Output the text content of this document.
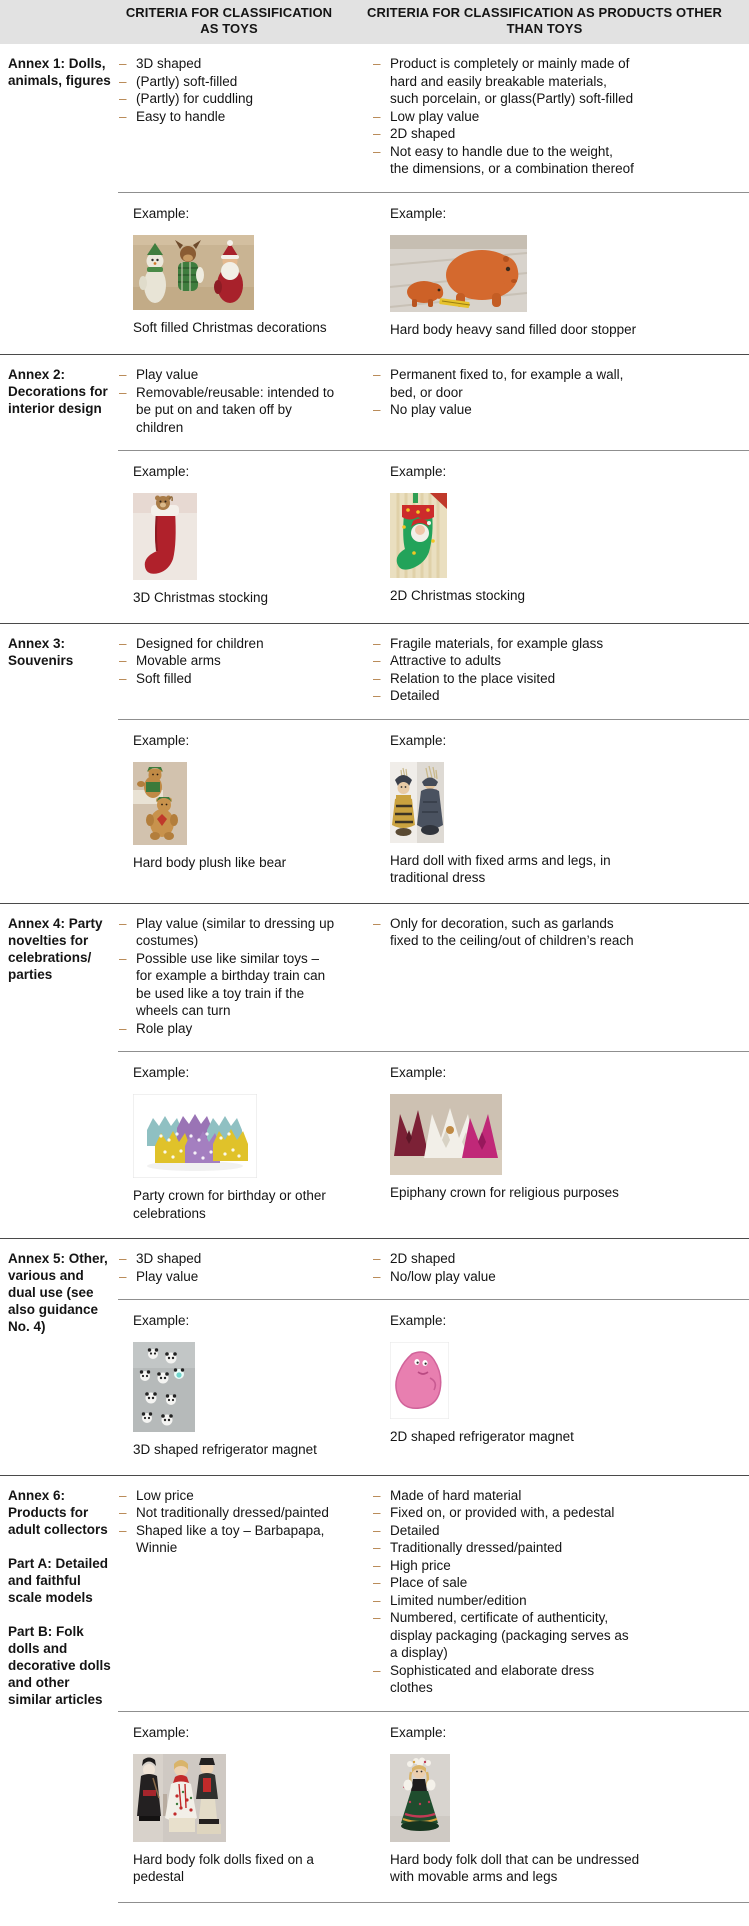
CRITERIA FOR CLASSIFICATION AS TOYS
CRITERIA FOR CLASSIFICATION AS PRODUCTS OTHER THAN TOYS

Annex 1: Dolls, animals, figures

– 3D shaped
– (Partly) soft-filled
– (Partly) for cuddling
– Easy to handle
– Product is completely or mainly made of hard and easily breakable materials, such porcelain, or glass(Partly) soft-filled
– Low play value
– 2D shaped
– Not easy to handle due to the weight, the dimensions, or a combination thereof

Example:

Soft filled Christmas decorations

Example:

Hard body heavy sand filled door stopper

Annex 2: Decorations for interior design

– Play value
– Removable/reusable: intended to be put on and taken off by children
– Permanent fixed to, for example a wall, bed, or door
– No play value

Example:

3D Christmas stocking

Example:

2D Christmas stocking

Annex 3: Souvenirs

– Designed for children
– Movable arms
– Soft filled
– Fragile materials, for example glass
– Attractive to adults
– Relation to the place visited
– Detailed

Example:

Hard body plush like bear

Example:

Hard doll with fixed arms and legs, in traditional dress

Annex 4: Party novelties for celebrations/ parties

– Play value (similar to dressing up costumes)
– Possible use like similar toys – for example a birthday train can be used like a toy train if the wheels can turn
– Role play
– Only for decoration, such as garlands fixed to the ceiling/out of children’s reach

Example:

Party crown for birthday or other celebrations

Example:

Epiphany crown for religious purposes

Annex 5: Other, various and dual use (see also guidance No. 4)

– 3D shaped
– Play value
– 2D shaped
– No/low play value

Example:

3D shaped refrigerator magnet

Example:

2D shaped refrigerator magnet

Annex 6: Products for adult collectors

Part A: Detailed and faithful scale models

Part B: Folk dolls and decorative dolls and other similar articles

– Low price
– Not traditionally dressed/painted
– Shaped like a toy – Barbapapa, Winnie
– Made of hard material
– Fixed on, or provided with, a pedestal
– Detailed
– Traditionally dressed/painted
– High price
– Place of sale
– Limited number/edition
– Numbered, certificate of authenticity, display packaging (packaging serves as a display)
– Sophisticated and elaborate dress clothes

Example:

Hard body folk dolls fixed on a pedestal

Example:

Hard body folk doll that can be undressed with movable arms and legs
